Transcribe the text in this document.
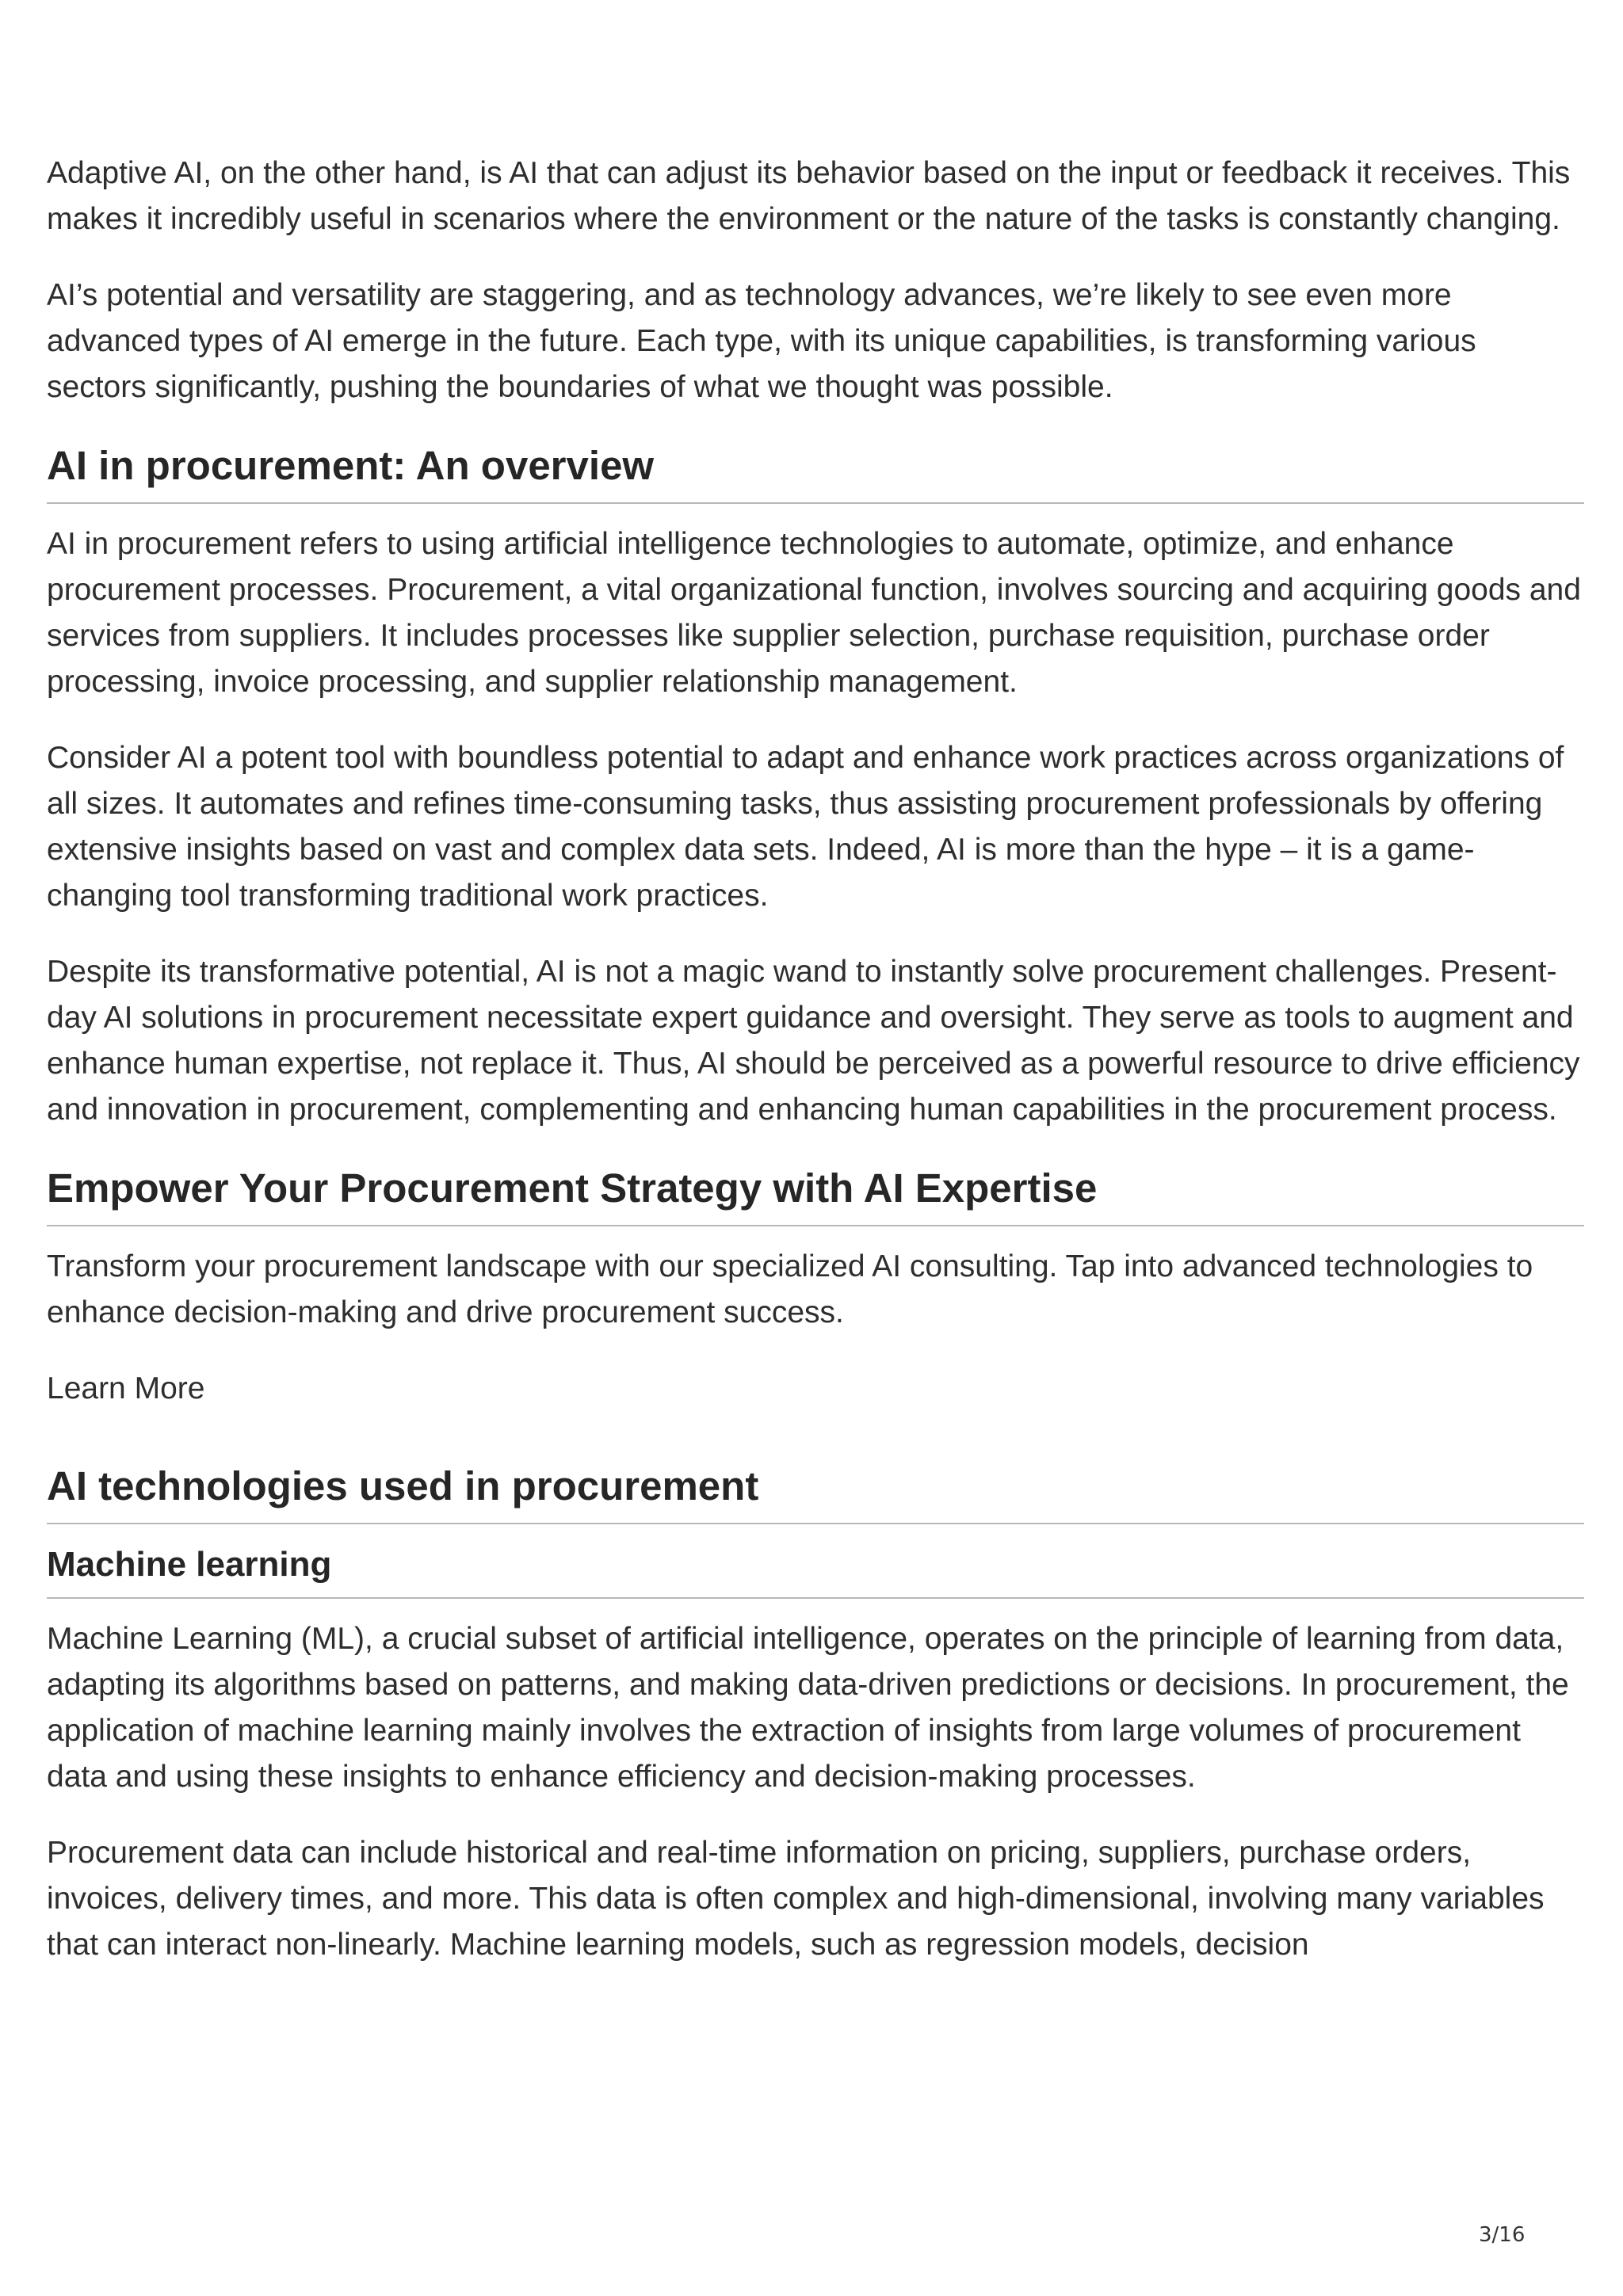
Adaptive AI, on the other hand, is AI that can adjust its behavior based on the input or feedback it receives. This makes it incredibly useful in scenarios where the environment or the nature of the tasks is constantly changing.

AI’s potential and versatility are staggering, and as technology advances, we’re likely to see even more advanced types of AI emerge in the future. Each type, with its unique capabilities, is transforming various sectors significantly, pushing the boundaries of what we thought was possible.

AI in procurement: An overview

AI in procurement refers to using artificial intelligence technologies to automate, optimize, and enhance procurement processes. Procurement, a vital organizational function, involves sourcing and acquiring goods and services from suppliers. It includes processes like supplier selection, purchase requisition, purchase order processing, invoice processing, and supplier relationship management.

Consider AI a potent tool with boundless potential to adapt and enhance work practices across organizations of all sizes. It automates and refines time-consuming tasks, thus assisting procurement professionals by offering extensive insights based on vast and complex data sets. Indeed, AI is more than the hype – it is a game-changing tool transforming traditional work practices.

Despite its transformative potential, AI is not a magic wand to instantly solve procurement challenges. Present-day AI solutions in procurement necessitate expert guidance and oversight. They serve as tools to augment and enhance human expertise, not replace it. Thus, AI should be perceived as a powerful resource to drive efficiency and innovation in procurement, complementing and enhancing human capabilities in the procurement process.

Empower Your Procurement Strategy with AI Expertise

Transform your procurement landscape with our specialized AI consulting. Tap into advanced technologies to enhance decision-making and drive procurement success.

Learn More
AI technologies used in procurement
Machine learning

Machine Learning (ML), a crucial subset of artificial intelligence, operates on the principle of learning from data, adapting its algorithms based on patterns, and making data-driven predictions or decisions. In procurement, the application of machine learning mainly involves the extraction of insights from large volumes of procurement data and using these insights to enhance efficiency and decision-making processes.

Procurement data can include historical and real-time information on pricing, suppliers, purchase orders, invoices, delivery times, and more. This data is often complex and high-dimensional, involving many variables that can interact non-linearly. Machine learning models, such as regression models, decision

3/16
